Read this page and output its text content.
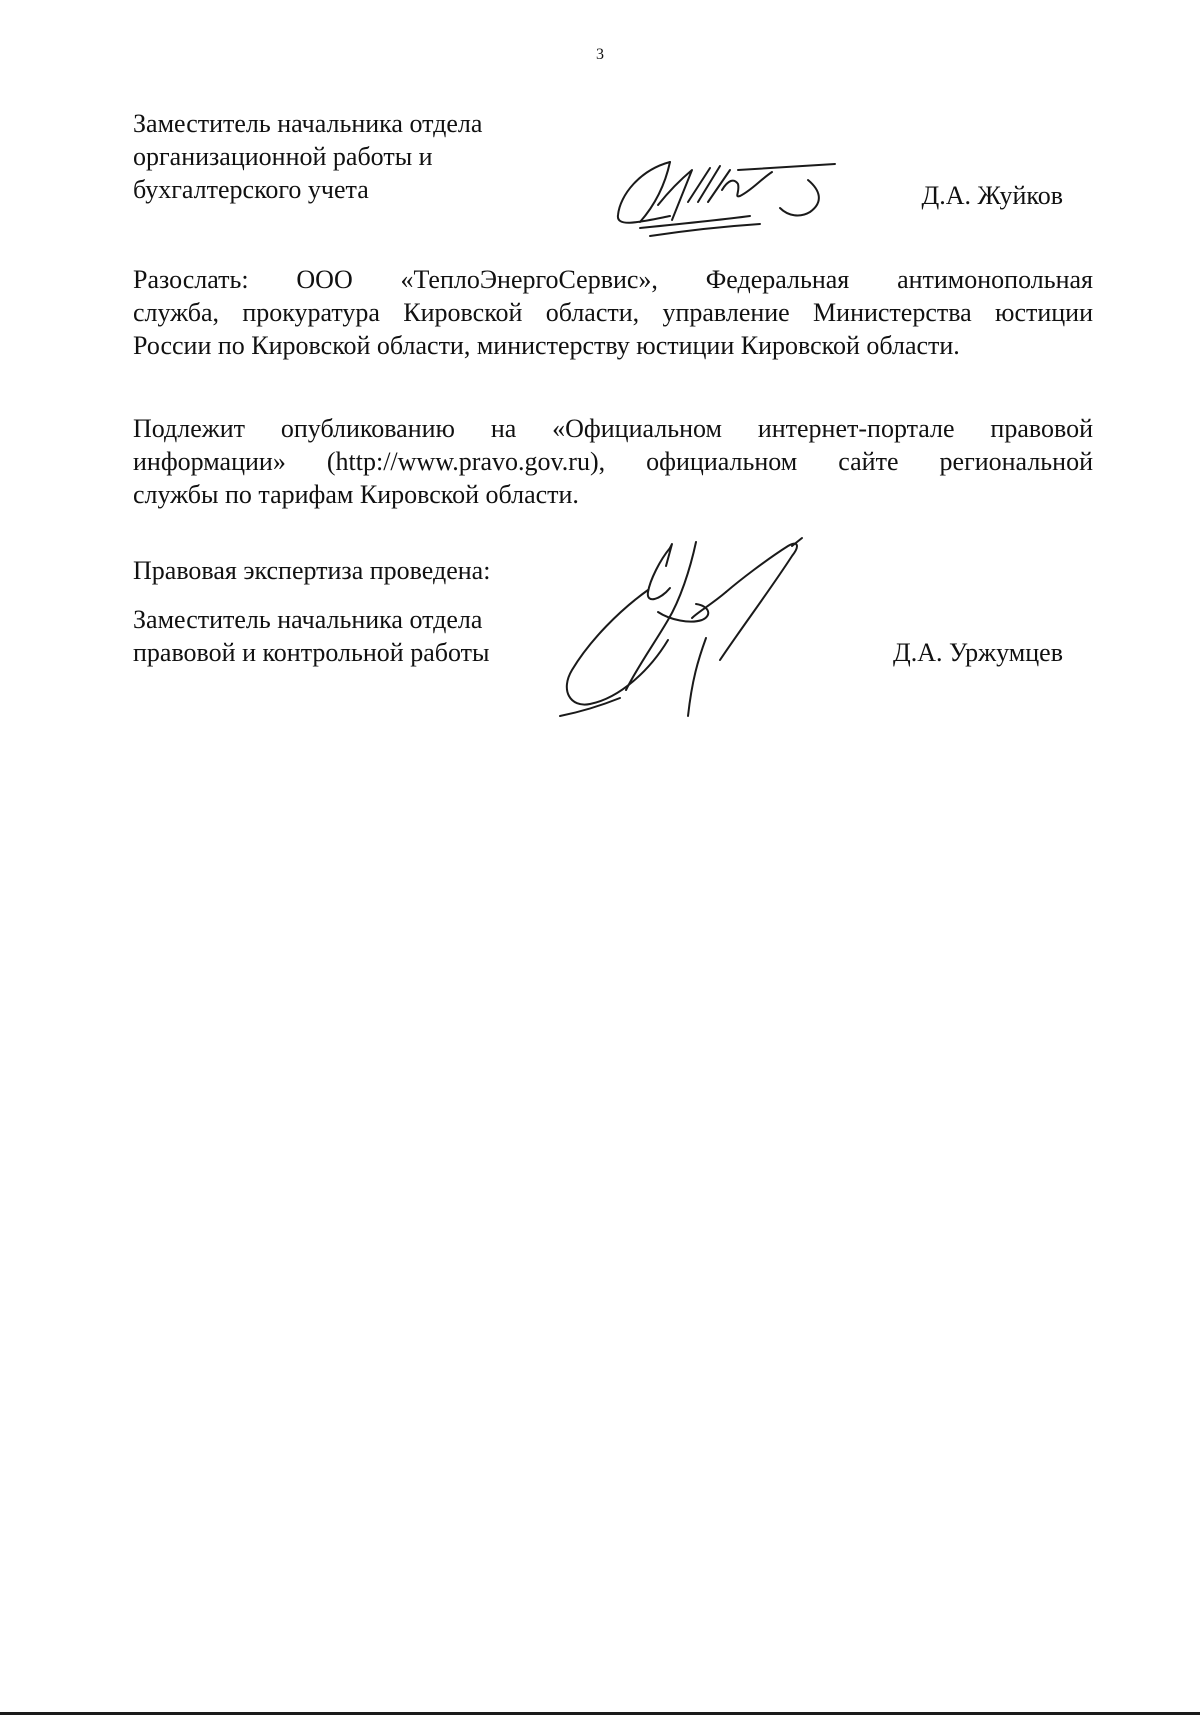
3
Заместитель начальника отдела
организационной работы и
бухгалтерского учета	Д.А. Жуйков
Разослать: ООО «ТеплоЭнергоСервис», Федеральная антимонопольная
служба, прокуратура Кировской области, управление Министерства юстиции
России по Кировской области, министерству юстиции Кировской области.
Подлежит опубликованию на «Официальном интернет-портале правовой
информации» (http://www.pravo.gov.ru), официальном сайте региональной
службы по тарифам Кировской области.
Правовая экспертиза проведена:
Заместитель начальника отдела
правовой и контрольной работы	Д.А. Уржумцев
